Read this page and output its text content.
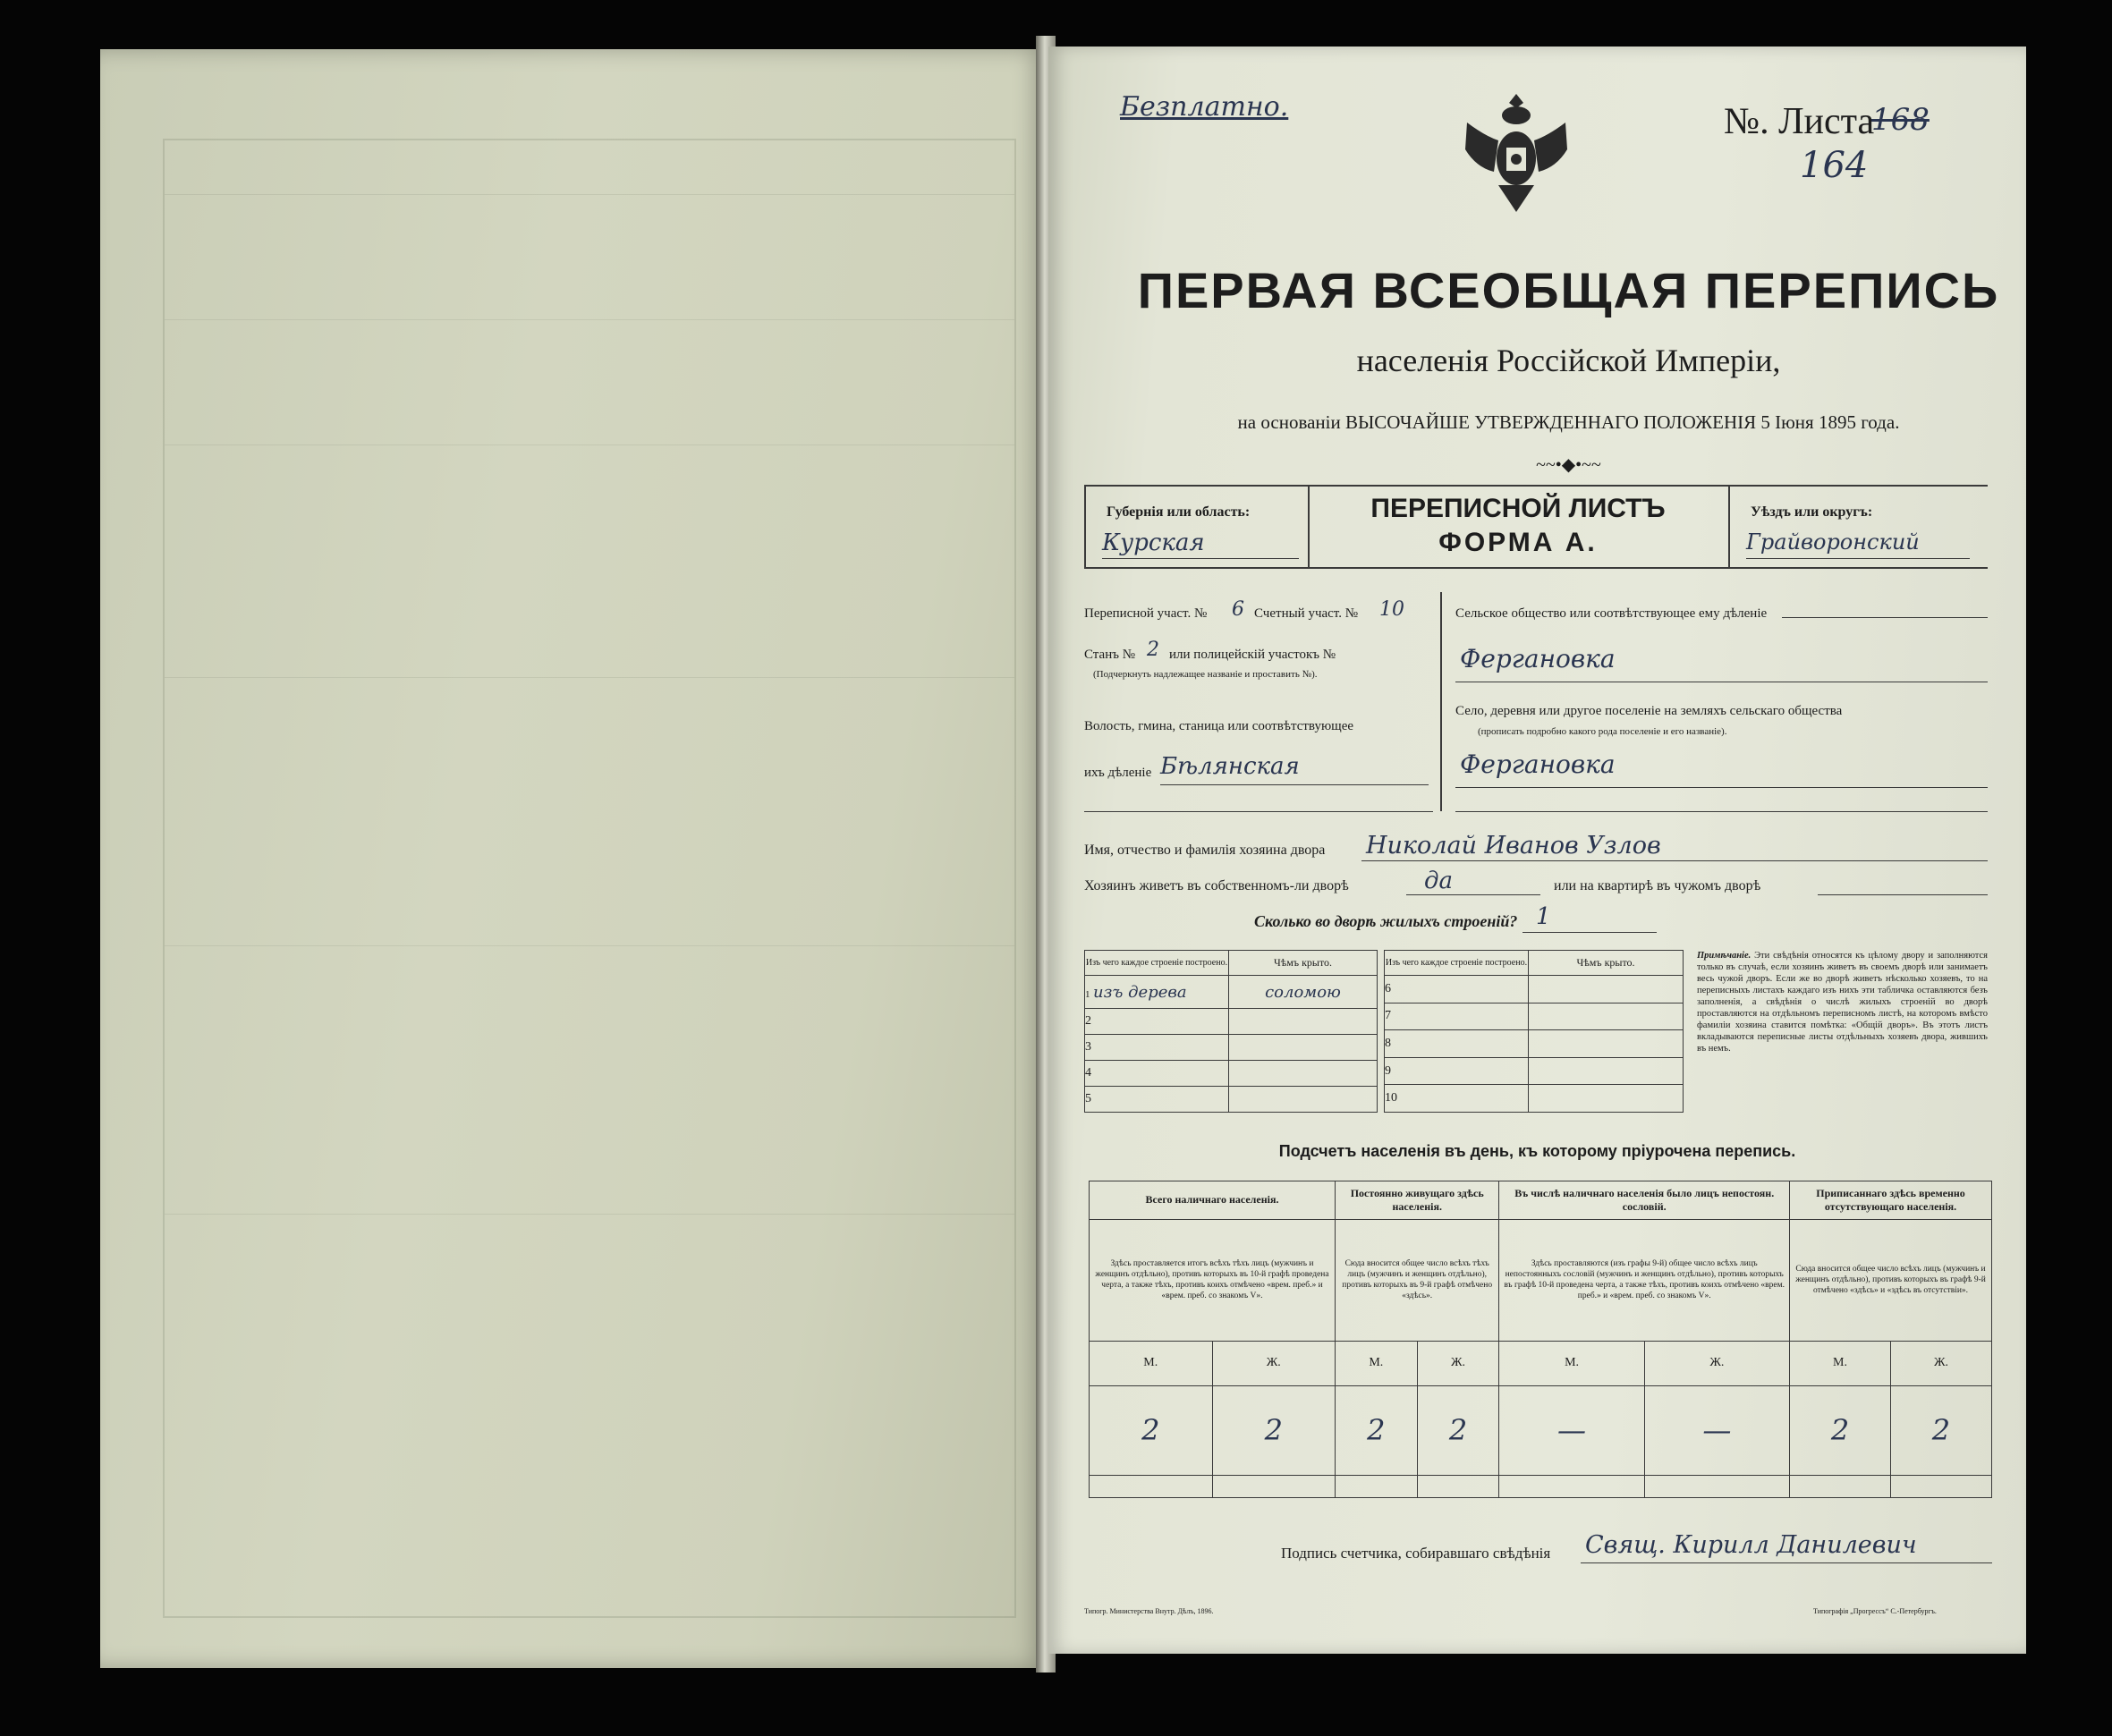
Безплатно.	№. Листа
168
164
ПЕРВАЯ ВСЕОБЩАЯ ПЕРЕПИСЬ
населенія Россійской Имперіи,
на основаніи ВЫСОЧАЙШЕ УТВЕРЖДЕННАГО ПОЛОЖЕНІЯ 5 Іюня 1895 года.
~~•◆•~~
Губернія или область:
Курская
ПЕРЕПИСНОЙ ЛИСТЪ
ФОРМА А.
Уѣздъ или округъ:
Грайворонский
Переписной участ. № 6 Счетный участ. № 10
Станъ № 2 или полицейскій участокъ №
(Подчеркнуть надлежащее названіе и проставить №).
Волость, гмина, станица или соотвѣтствующее
ихъ дѣленіе Бѣлянская
Сельское общество или соотвѣтствующее ему дѣленіе
Фергановка
Село, деревня или другое поселеніе на земляхъ сельскаго общества
(прописать подробно какого рода поселеніе и его названіе).
Фергановка
Имя, отчество и фамилія хозяина двора Николай Иванов Узлов
Хозяинъ живетъ въ собственномъ-ли дворѣ	да	или на квартирѣ въ чужомъ дворѣ
Сколько во дворѣ жилыхъ строеній? 1
Изъ чего каждое строеніе построено.	Чѣмъ крыто.
1 изъ дерева	соломою
2	
3	
4	
5	
Изъ чего каждое строеніе построено.	Чѣмъ крыто.
6	
7	
8	
9	
10	
Примѣчаніе. Эти свѣдѣнія относятся къ цѣлому двору и заполняются только въ случаѣ, если хозяинъ живетъ въ своемъ дворѣ или занимаетъ весь чужой дворъ. Если же во дворѣ живетъ нѣсколько хозяевъ, то на переписныхъ листахъ каждаго изъ нихъ эти табличка оставляются безъ заполненія, а свѣдѣнія о числѣ жилыхъ строеній во дворѣ проставляются на отдѣльномъ переписномъ листѣ, на которомъ вмѣсто фамиліи хозяина ставится помѣтка: «Общій дворъ». Въ этотъ листъ вкладываются переписные листы отдѣльныхъ хозяевъ двора, жившихъ въ немъ.
Подсчетъ населенія въ день, къ которому пріурочена перепись.
Всего наличнаго населенія.		Постоянно живущаго здѣсь населенія.		Въ числѣ наличнаго населенія было лицъ непостоян. сословій.		Приписаннаго здѣсь временно отсутствующаго населенія.	
Здѣсь проставляется итогъ всѣхъ тѣхъ лицъ (мужчинъ и женщинъ отдѣльно), противъ которыхъ въ 10-й графѣ проведена черта, а также тѣхъ, противъ коихъ отмѣчено «врем. преб.» и «врем. преб. со знакомъ V».		Сюда вносится общее число всѣхъ тѣхъ лицъ (мужчинъ и женщинъ отдѣльно), противъ которыхъ въ 9-й графѣ отмѣчено «здѣсь».		Здѣсь проставляются (изъ графы 9-й) общее число всѣхъ лицъ непостоянныхъ сословій (мужчинъ и женщинъ отдѣльно), противъ которыхъ въ графѣ 10-й проведена черта, а также тѣхъ, противъ коихъ отмѣчено «врем. преб.» и «врем. преб. со знакомъ V».		Сюда вносится общее число всѣхъ лицъ (мужчинъ и женщинъ отдѣльно), противъ которыхъ въ графѣ 9-й отмѣчено «здѣсь» и «здѣсь въ отсутствіи».	
М.	Ж.	М.	Ж.	М.	Ж.	М.	Ж.
2	2	2	2	—	—	2	2

Подпись счетчика, собиравшаго свѣдѣнія Свящ. Кирилл Данилевич
Типогр. Министерства Внутр. Дѣлъ, 1896.	Типографія „Прогрессъ“ С.-Петербургъ.
